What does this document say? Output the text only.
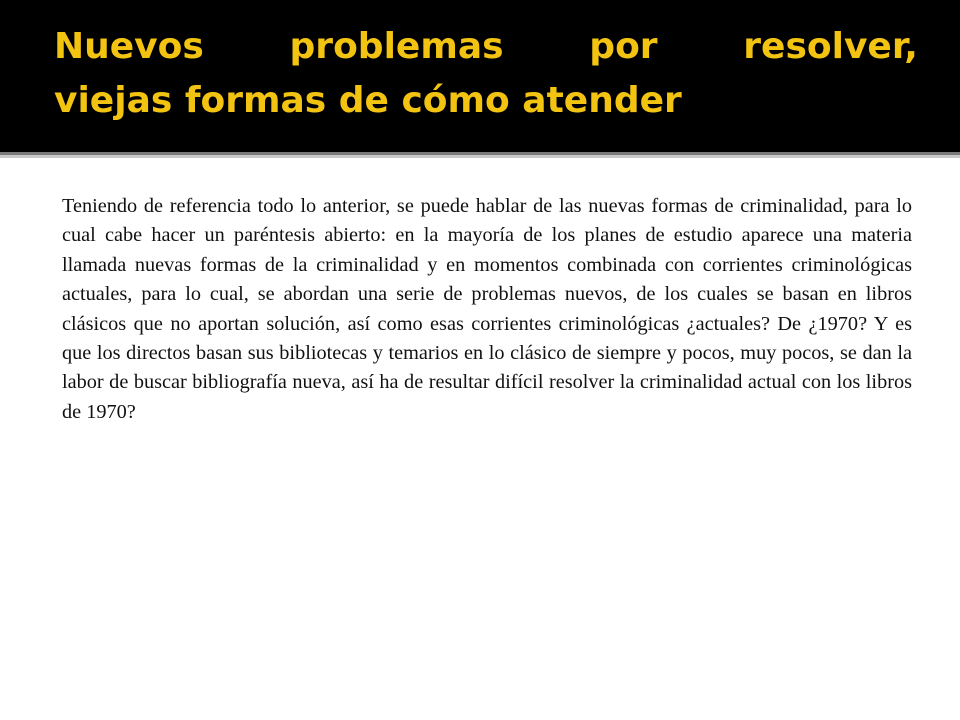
Nuevos problemas por resolver,
viejas formas de cómo atender

Teniendo de referencia todo lo anterior, se puede hablar de las nuevas formas de criminalidad, para lo cual cabe hacer un paréntesis abierto: en la mayoría de los planes de estudio aparece una materia llamada nuevas formas de la criminalidad y en momentos combinada con corrientes criminológicas actuales, para lo cual, se abordan una serie de problemas nuevos, de los cuales se basan en libros clásicos que no aportan solución, así como esas corrientes criminológicas ¿actuales? De ¿1970? Y es que los directos basan sus bibliotecas y temarios en lo clásico de siempre y pocos, muy pocos, se dan la labor de buscar bibliografía nueva, así ha de resultar difícil resolver la criminalidad actual con los libros de 1970?
